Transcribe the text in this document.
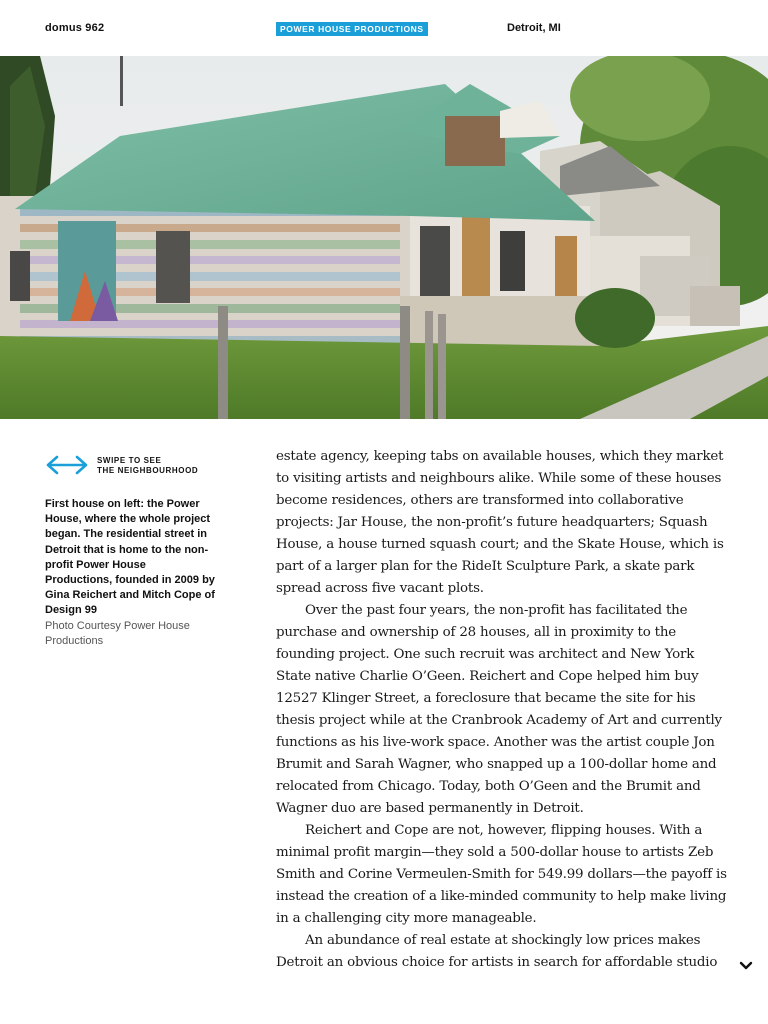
domus 962	POWER HOUSE PRODUCTIONS	Detroit, MI
SWIPE TO SEE
THE NEIGHBOURHOOD
First house on left: the Power House, where the whole project began. The residential street in Detroit that is home to the non-profit Power House Productions, founded in 2009 by Gina Reichert and Mitch Cope of Design 99
Photo Courtesy Power House Productions

estate agency, keeping tabs on available houses, which they market to visiting artists and neighbours alike. While some of these houses become residences, others are transformed into collaborative projects: Jar House, the non-profit’s future headquarters; Squash House, a house turned squash court; and the Skate House, which is part of a larger plan for the RideIt Sculpture Park, a skate park spread across five vacant plots.

Over the past four years, the non-profit has facilitated the purchase and ownership of 28 houses, all in proximity to the founding project. One such recruit was architect and New York State native Charlie O’Geen. Reichert and Cope helped him buy 12527 Klinger Street, a foreclosure that became the site for his thesis project while at the Cranbrook Academy of Art and currently functions as his live-work space. Another was the artist couple Jon Brumit and Sarah Wagner, who snapped up a 100-dollar home and relocated from Chicago. Today, both O’Geen and the Brumit and Wagner duo are based permanently in Detroit.

Reichert and Cope are not, however, flipping houses. With a minimal profit margin—they sold a 500-dollar house to artists Zeb Smith and Corine Vermeulen-Smith for 549.99 dollars—the payoff is instead the creation of a like-minded community to help make living in a challenging city more manageable.

An abundance of real estate at shockingly low prices makes Detroit an obvious choice for artists in search for affordable studio
